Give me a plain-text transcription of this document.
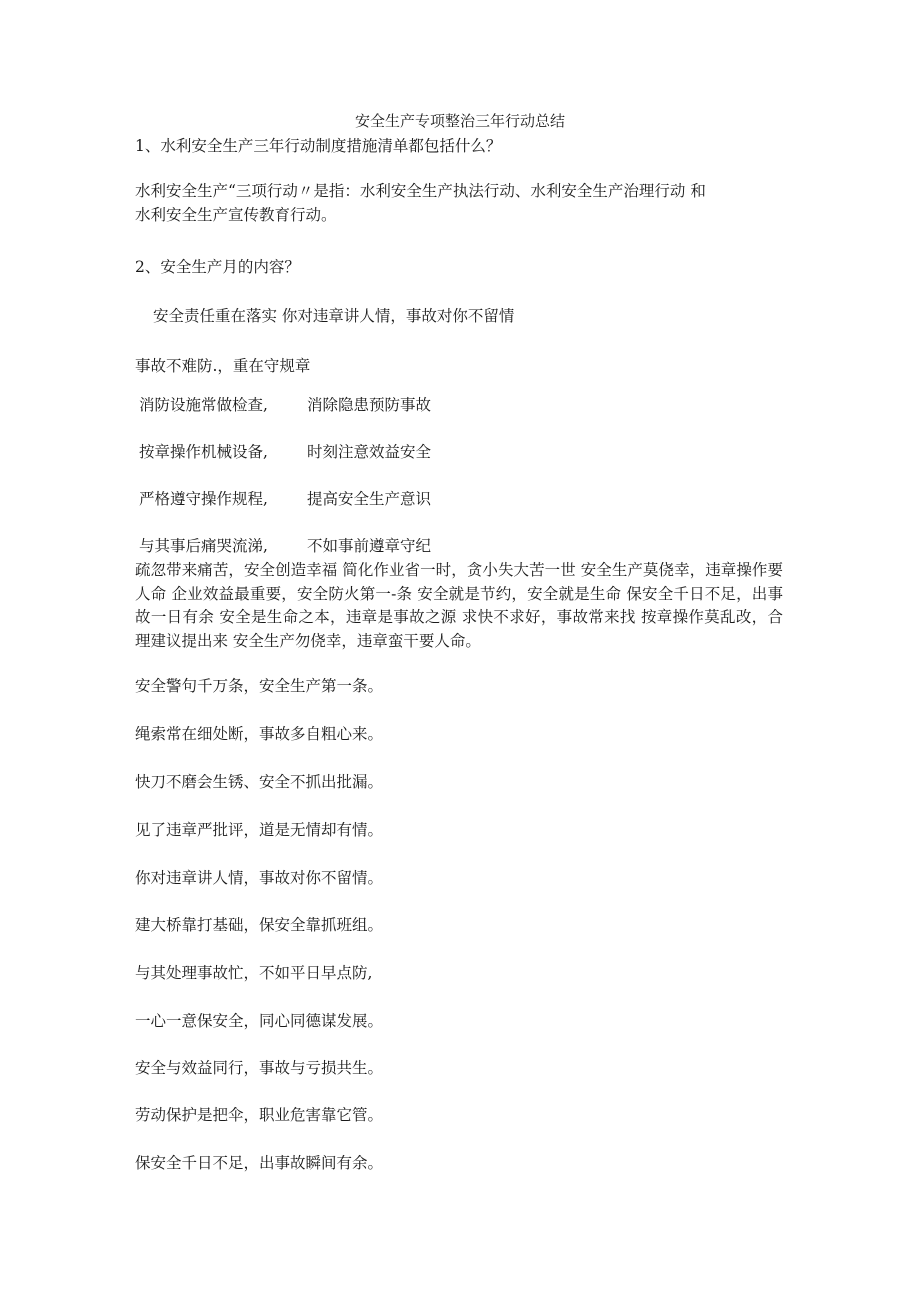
安全生产专项整治三年行动总结
1、水利安全生产三年行动制度措施清单都包括什么？
水利安全生产“三项行动〃是指：水利安全生产执法行动、水利安全生产治理行动 和
水利安全生产宣传教育行动。
2、安全生产月的内容？
安全责任重在落实 你对违章讲人情，事故对你不留情
事故不难防.，重在守规章
消防设施常做检查,	消除隐患预防事故
按章操作机械设备,	时刻注意效益安全
严格遵守操作规程,	提高安全生产意识
与其事后痛哭流涕,	不如事前遵章守纪
疏忽带来痛苦，安全创造幸福 简化作业省一时，贪小失大苦一世 安全生产莫侥幸，违章操作要人命 企业效益最重要，安全防火第一-条 安全就是节约，安全就是生命 保安全千日不足，出事故一日有余 安全是生命之本，违章是事故之源 求快不求好，事故常来找 按章操作莫乱改，合理建议提出来 安全生产勿侥幸，违章蛮干要人命。
安全警句千万条，安全生产第一条。
绳索常在细处断，事故多自粗心来。
快刀不磨会生锈、安全不抓出批漏。
见了违章严批评，道是无情却有情。
你对违章讲人情，事故对你不留情。
建大桥靠打基础，保安全靠抓班组。
与其处理事故忙，不如平日早点防,
一心一意保安全，同心同德谋发展。
安全与效益同行，事故与亏损共生。
劳动保护是把伞，职业危害靠它管。
保安全千日不足，出事故瞬间有余。
